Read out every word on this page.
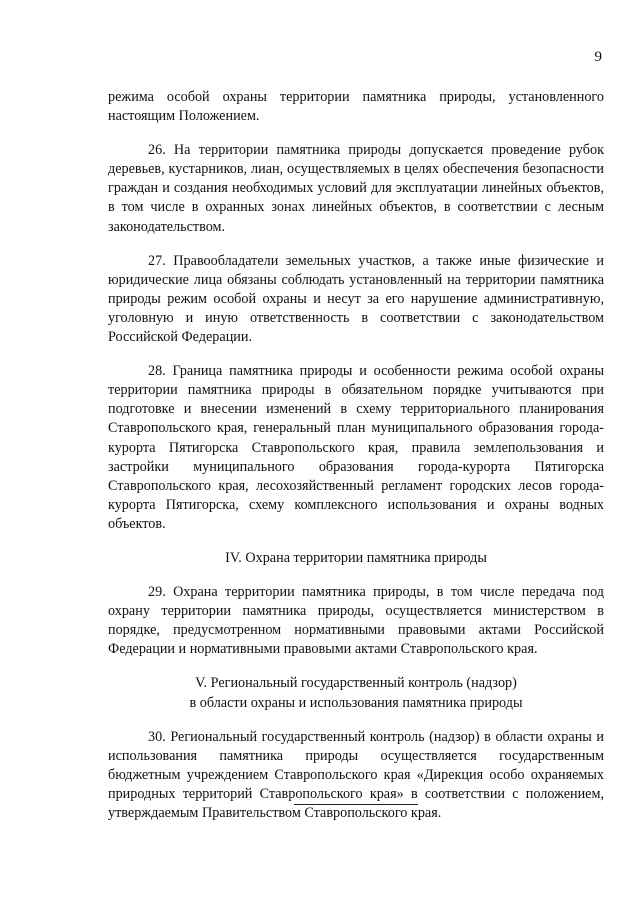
9

режима особой охраны территории памятника природы, установленного настоящим Положением.

26. На территории памятника природы допускается проведение рубок деревьев, кустарников, лиан, осуществляемых в целях обеспечения безопасности граждан и создания необходимых условий для эксплуатации линейных объектов, в том числе в охранных зонах линейных объектов, в соответствии с лесным законодательством.

27. Правообладатели земельных участков, а также иные физические и юридические лица обязаны соблюдать установленный на территории памятника природы режим особой охраны и несут за его нарушение административную, уголовную и иную ответственность в соответствии с законодательством Российской Федерации.

28. Граница памятника природы и особенности режима особой охраны территории памятника природы в обязательном порядке учитываются при подготовке и внесении изменений в схему территориального планирования Ставропольского края, генеральный план муниципального образования города-курорта Пятигорска Ставропольского края, правила землепользования и застройки муниципального образования города-курорта Пятигорска Ставропольского края, лесохозяйственный регламент городских лесов города-курорта Пятигорска, схему комплексного использования и охраны водных объектов.

IV. Охрана территории памятника природы

29. Охрана территории памятника природы, в том числе передача под охрану территории памятника природы, осуществляется министерством в порядке, предусмотренном нормативными правовыми актами Российской Федерации и нормативными правовыми актами Ставропольского края.

V. Региональный государственный контроль (надзор)
в области охраны и использования памятника природы

30. Региональный государственный контроль (надзор) в области охраны и использования памятника природы осуществляется государственным бюджетным учреждением Ставропольского края «Дирекция особо охраняемых природных территорий Ставропольского края» в соответствии с положением, утверждаемым Правительством Ставропольского края.
